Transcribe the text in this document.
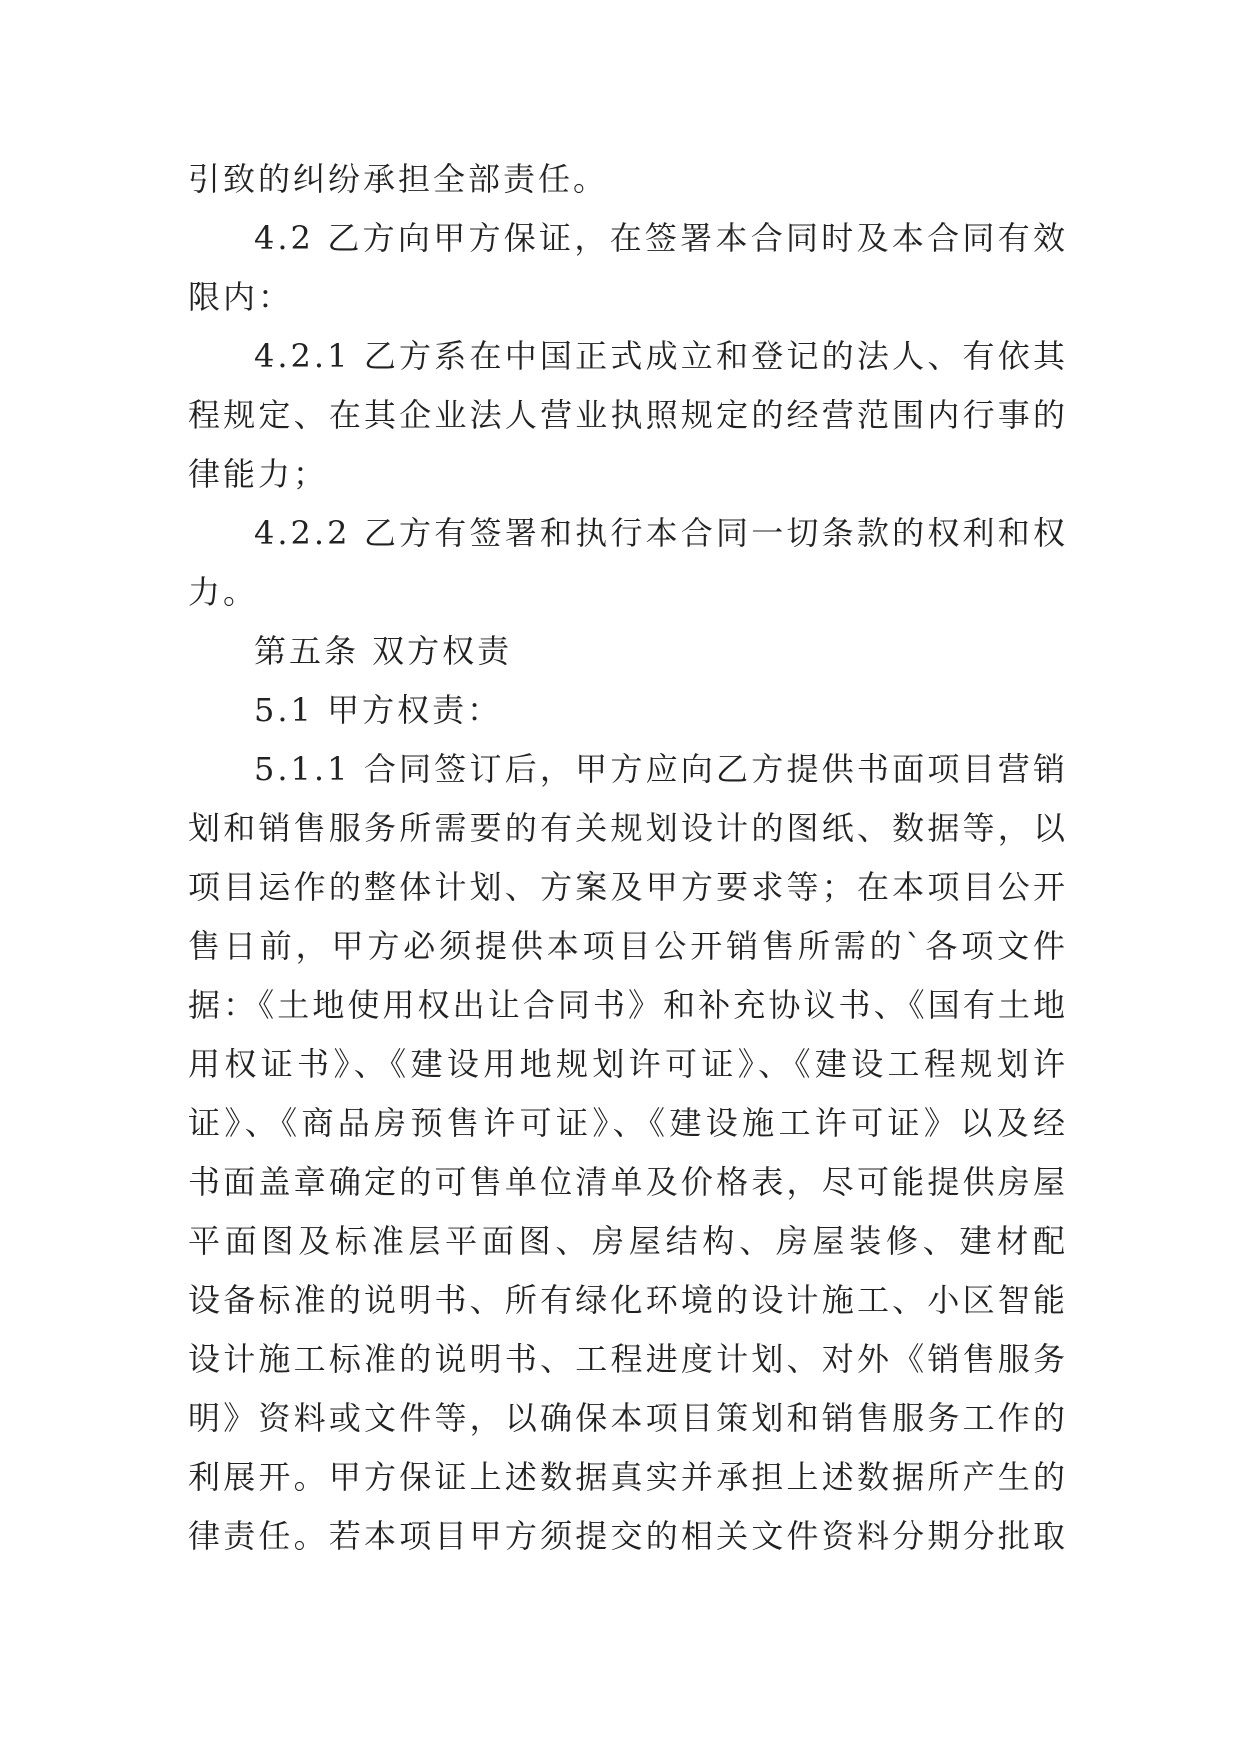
引致的纠纷承担全部责任。
4.2 乙方向甲方保证，在签署本合同时及本合同有效
限内：
4.2.1 乙方系在中国正式成立和登记的法人、有依其
程规定、在其企业法人营业执照规定的经营范围内行事的
律能力；
4.2.2 乙方有签署和执行本合同一切条款的权利和权
力。
第五条 双方权责
5.1 甲方权责：
5.1.1 合同签订后，甲方应向乙方提供书面项目营销
划和销售服务所需要的有关规划设计的图纸、数据等，以
项目运作的整体计划、方案及甲方要求等；在本项目公开
售日前，甲方必须提供本项目公开销售所需的`各项文件
据：《土地使用权出让合同书》和补充协议书、《国有土地
用权证书》、《建设用地规划许可证》、《建设工程规划许
证》、《商品房预售许可证》、《建设施工许可证》以及经
书面盖章确定的可售单位清单及价格表，尽可能提供房屋
平面图及标准层平面图、房屋结构、房屋装修、建材配
设备标准的说明书、所有绿化环境的设计施工、小区智能
设计施工标准的说明书、工程进度计划、对外《销售服务
明》资料或文件等，以确保本项目策划和销售服务工作的
利展开。甲方保证上述数据真实并承担上述数据所产生的
律责任。若本项目甲方须提交的相关文件资料分期分批取
